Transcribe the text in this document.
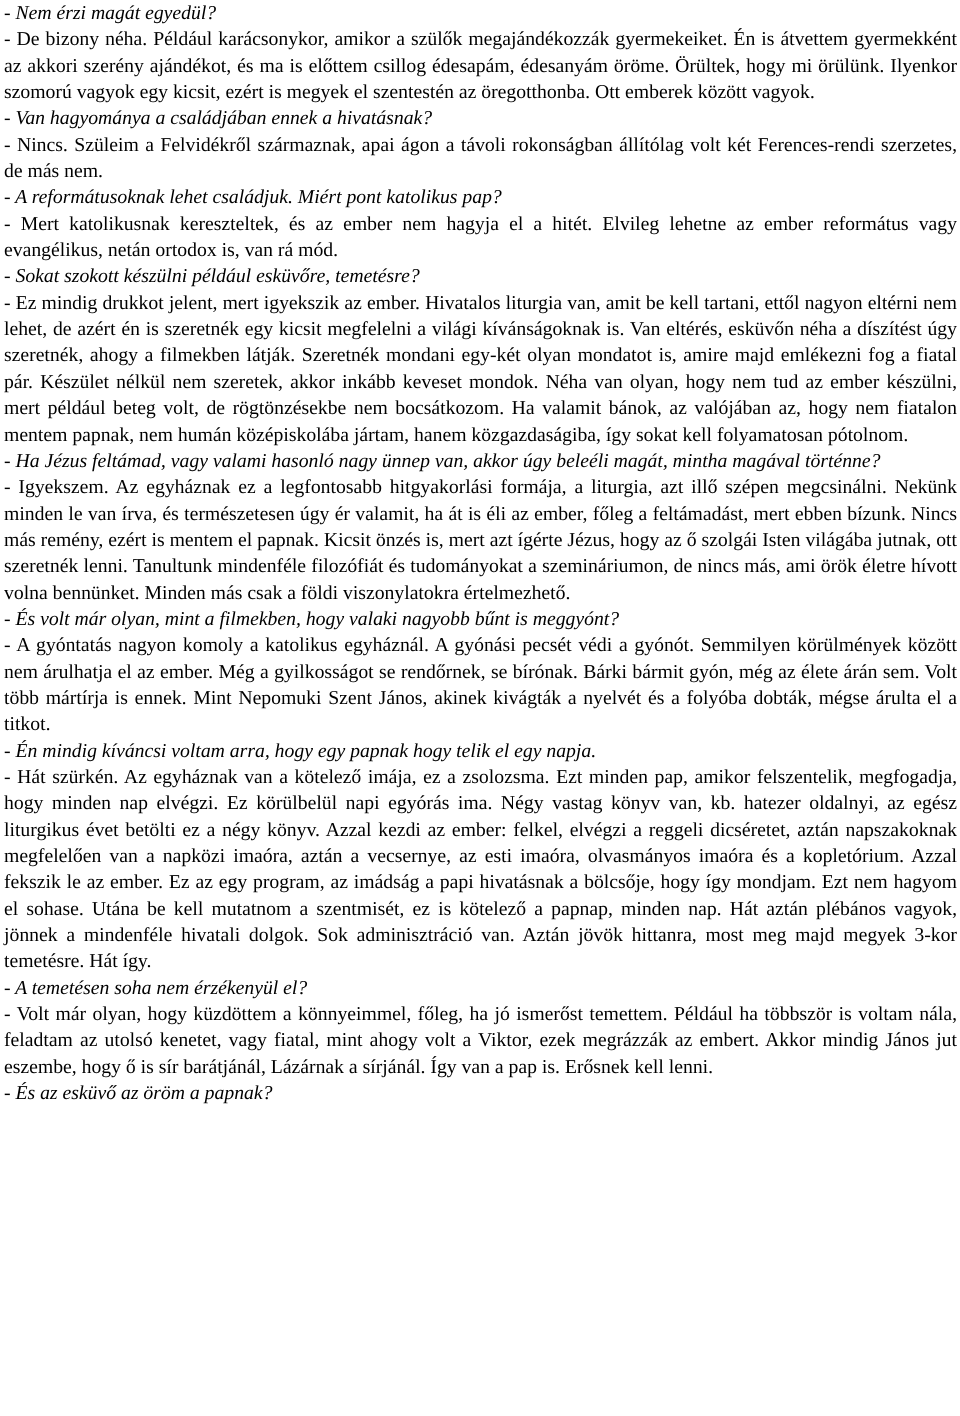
- Nem érzi magát egyedül?

- De bizony néha. Például karácsonykor, amikor a szülők megajándékozzák gyermekeiket. Én is átvettem gyermekként az akkori szerény ajándékot, és ma is előttem csillog édesapám, édesanyám öröme. Örültek, hogy mi örülünk. Ilyenkor szomorú vagyok egy kicsit, ezért is megyek el szentestén az öregotthonba. Ott emberek között vagyok.

- Van hagyománya a családjában ennek a hivatásnak?

- Nincs. Szüleim a Felvidékről származnak, apai ágon a távoli rokonságban állítólag volt két Ferences-rendi szerzetes, de más nem.

- A reformátusoknak lehet családjuk. Miért pont katolikus pap?

- Mert katolikusnak kereszteltek, és az ember nem hagyja el a hitét. Elvileg lehetne az ember református vagy evangélikus, netán ortodox is, van rá mód.

- Sokat szokott készülni például esküvőre, temetésre?

- Ez mindig drukkot jelent, mert igyekszik az ember. Hivatalos liturgia van, amit be kell tartani, ettől nagyon eltérni nem lehet, de azért én is szeretnék egy kicsit megfelelni a világi kívánságoknak is. Van eltérés, esküvőn néha a díszítést úgy szeretnék, ahogy a filmekben látják. Szeretnék mondani egy-két olyan mondatot is, amire majd emlékezni fog a fiatal pár. Készület nélkül nem szeretek, akkor inkább keveset mondok. Néha van olyan, hogy nem tud az ember készülni, mert például beteg volt, de rögtönzésekbe nem bocsátkozom. Ha valamit bánok, az valójában az, hogy nem fiatalon mentem papnak, nem humán középiskolába jártam, hanem közgazdaságiba, így sokat kell folyamatosan pótolnom.

- Ha Jézus feltámad, vagy valami hasonló nagy ünnep van, akkor úgy beleéli magát, mintha magával történne?

- Igyekszem. Az egyháznak ez a legfontosabb hitgyakorlási formája, a liturgia, azt illő szépen megcsinálni. Nekünk minden le van írva, és természetesen úgy ér valamit, ha át is éli az ember, főleg a feltámadást, mert ebben bízunk. Nincs más remény, ezért is mentem el papnak. Kicsit önzés is, mert azt ígérte Jézus, hogy az ő szolgái Isten világába jutnak, ott szeretnék lenni. Tanultunk mindenféle filozófiát és tudományokat a szemináriumon, de nincs más, ami örök életre hívott volna bennünket. Minden más csak a földi viszonylatokra értelmezhető.

- És volt már olyan, mint a filmekben, hogy valaki nagyobb bűnt is meggyónt?

- A gyóntatás nagyon komoly a katolikus egyháznál. A gyónási pecsét védi a gyónót. Semmilyen körülmények között nem árulhatja el az ember. Még a gyilkosságot se rendőrnek, se bírónak. Bárki bármit gyón, még az élete árán sem. Volt több mártírja is ennek. Mint Nepomuki Szent János, akinek kivágták a nyelvét és a folyóba dobták, mégse árulta el a titkot.

- Én mindig kíváncsi voltam arra, hogy egy papnak hogy telik el egy napja.

- Hát szürkén. Az egyháznak van a kötelező imája, ez a zsolozsma. Ezt minden pap, amikor felszentelik, megfogadja, hogy minden nap elvégzi. Ez körülbelül napi egyórás ima. Négy vastag könyv van, kb. hatezer oldalnyi, az egész liturgikus évet betölti ez a négy könyv. Azzal kezdi az ember: felkel, elvégzi a reggeli dicséretet, aztán napszakoknak megfelelően van a napközi imaóra, aztán a vecsernye, az esti imaóra, olvasmányos imaóra és a kopletórium. Azzal fekszik le az ember. Ez az egy program, az imádság a papi hivatásnak a bölcsője, hogy így mondjam. Ezt nem hagyom el sohase. Utána be kell mutatnom a szentmisét, ez is kötelező a papnap, minden nap. Hát aztán plébános vagyok, jönnek a mindenféle hivatali dolgok. Sok adminisztráció van. Aztán jövök hittanra, most meg majd megyek 3-kor temetésre. Hát így.

- A temetésen soha nem érzékenyül el?

- Volt már olyan, hogy küzdöttem a könnyeimmel, főleg, ha jó ismerőst temettem. Például ha többször is voltam nála, feladtam az utolsó kenetet, vagy fiatal, mint ahogy volt a Viktor, ezek megrázzák az embert. Akkor mindig János jut eszembe, hogy ő is sír barátjánál, Lázárnak a sírjánál. Így van a pap is. Erősnek kell lenni.

- És az esküvő az öröm a papnak?
